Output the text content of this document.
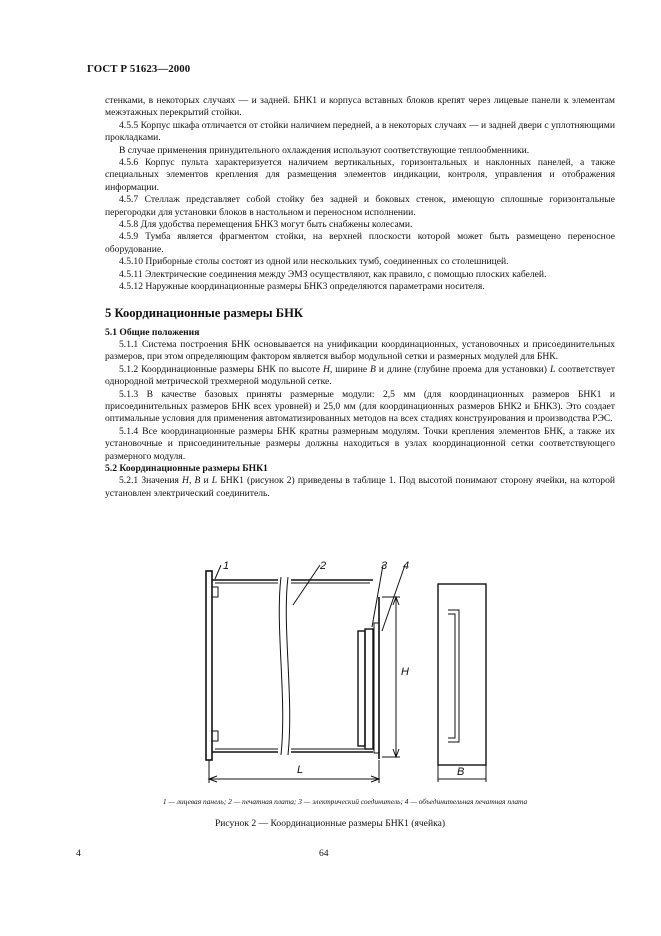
ГОСТ Р 51623—2000

стенками, в некоторых случаях — и задней. БНК1 и корпуса вставных блоков крепят через лицевые панели к элементам межэтажных перекрытий стойки.

4.5.5 Корпус шкафа отличается от стойки наличием передней, а в некоторых случаях — и задней двери с уплотняющими прокладками.

В случае применения принудительного охлаждения используют соответствующие теплообменники.

4.5.6 Корпус пульта характеризуется наличием вертикальных, горизонтальных и наклонных панелей, а также специальных элементов крепления для размещения элементов индикации, контроля, управления и отображения информации.

4.5.7 Стеллаж представляет собой стойку без задней и боковых стенок, имеющую сплошные горизонтальные перегородки для установки блоков в настольном и переносном исполнении.

4.5.8 Для удобства перемещения БНК3 могут быть снабжены колесами.

4.5.9 Тумба является фрагментом стойки, на верхней плоскости которой может быть размещено переносное оборудование.

4.5.10 Приборные столы состоят из одной или нескольких тумб, соединенных со столешницей.

4.5.11 Электрические соединения между ЭМЗ осуществляют, как правило, с помощью плоских кабелей.

4.5.12 Наружные координационные размеры БНК3 определяются параметрами носителя.

5 Координационные размеры БНК

5.1 Общие положения

5.1.1 Система построения БНК основывается на унификации координационных, установочных и присоединительных размеров, при этом определяющим фактором является выбор модульной сетки и размерных модулей для БНК.

5.1.2 Координационные размеры БНК по высоте H, ширине B и длине (глубине проема для установки) L соответствует однородной метрической трехмерной модульной сетке.

5.1.3 В качестве базовых приняты размерные модули: 2,5 мм (для координационных размеров БНК1 и присоединительных размеров БНК всех уровней) и 25,0 мм (для координационных размеров БНК2 и БНК3). Это создает оптимальные условия для применения автоматизированных методов на всех стадиях конструирования и производства РЭС.

5.1.4 Все координационные размеры БНК кратны размерным модулям. Точки крепления элементов БНК, а также их установочные и присоединительные размеры должны находиться в узлах координационной сетки соответствующего размерного модуля.

5.2 Координационные размеры БНК1

5.2.1 Значения H, B и L БНК1 (рисунок 2) приведены в таблице 1. Под высотой понимают сторону ячейки, на которой установлен электрический соединитель.

1	2	3 4
H
L	B
1 — лицевая панель; 2 — печатная плата; 3 — электрический соединитель; 4 — объединительная печатная плата
Рисунок 2 — Координационные размеры БНК1 (ячейка)
4	64
